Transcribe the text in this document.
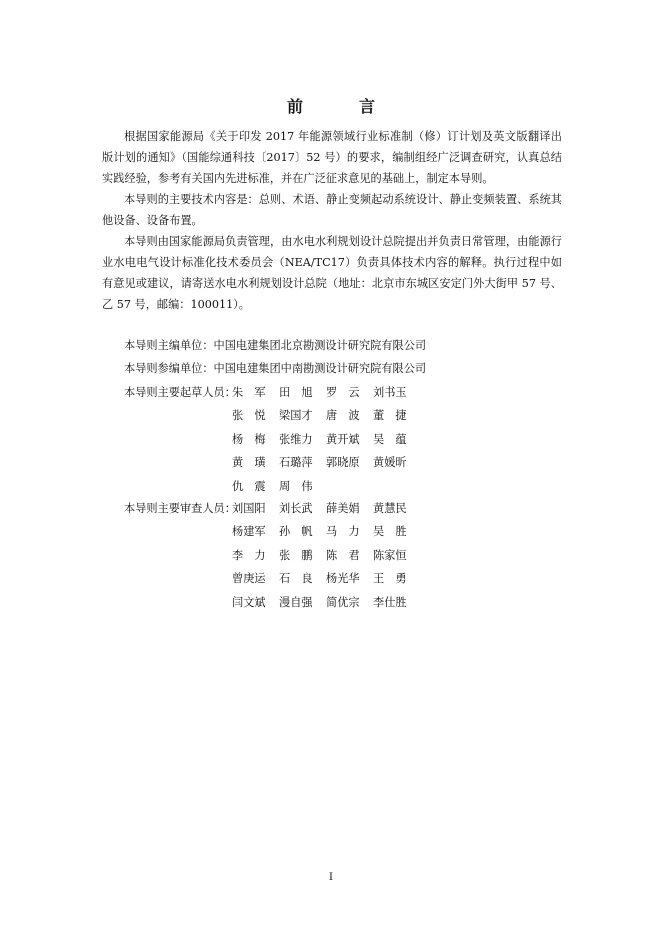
前　言

根据国家能源局《关于印发 2017 年能源领域行业标准制（修）订计划及英文版翻译出版计划的通知》（国能综通科技〔2017〕52 号）的要求，编制组经广泛调查研究，认真总结实践经验，参考有关国内先进标准，并在广泛征求意见的基础上，制定本导则。

本导则的主要技术内容是：总则、术语、静止变频起动系统设计、静止变频装置、系统其他设备、设备布置。

本导则由国家能源局负责管理，由水电水利规划设计总院提出并负责日常管理，由能源行业水电电气设计标准化技术委员会（NEA/TC17）负责具体技术内容的解释。执行过程中如有意见或建议，请寄送水电水利规划设计总院（地址：北京市东城区安定门外大街甲 57 号、乙 57 号，邮编：100011）。

本导则主编单位：中国电建集团北京勘测设计研究院有限公司
本导则参编单位：中国电建集团中南勘测设计研究院有限公司
本导则主要起草人员：
朱　军 田　旭 罗　云 刘书玉
张　悦 梁国才 唐　波 董　捷
杨　梅 张维力 黄开斌 吴　蕴
黄　璜 石璐萍 郭晓原 黄媛昕
仇　震 周　伟
本导则主要审查人员：
刘国阳 刘长武 薛美娟 黄慧民
杨建军 孙　帆 马　力 吴　胜
李　力 张　鹏 陈　君 陈家恒
曾庚运 石　良 杨光华 王　勇
闫文斌 漫自强 简优宗 李仕胜
I
